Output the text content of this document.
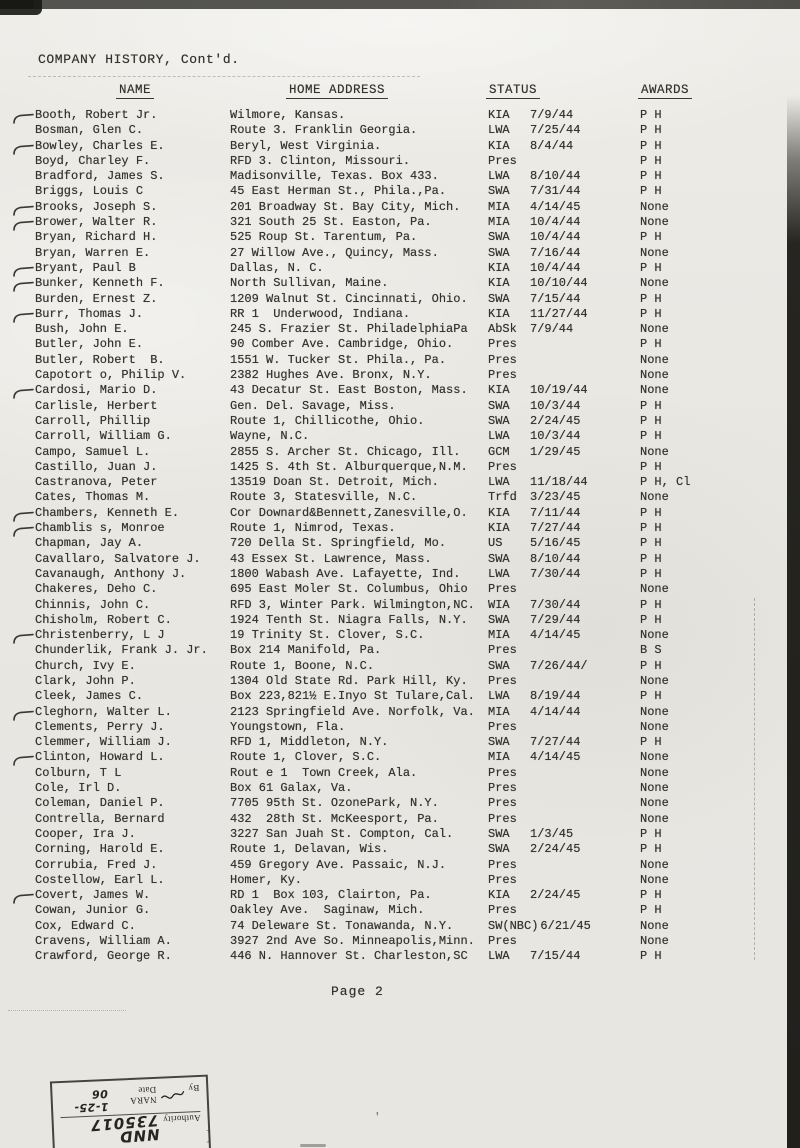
'
COMPANY HISTORY, Cont'd.
NAME	HOME ADDRESS	STATUS	AWARDS

Booth, Robert Jr.	Wilmore, Kansas.	KIA	7/9/44	P H
Bosman, Glen C.	Route 3. Franklin Georgia.	LWA	7/25/44	P H

Bowley, Charles E.	Beryl, West Virginia.	KIA	8/4/44	P H
Boyd, Charley F.	RFD 3. Clinton, Missouri.	Pres	P H
Bradford, James S.	Madisonville, Texas. Box 433.	LWA	8/10/44	P H
Briggs, Louis C	45 East Herman St., Phila.,Pa.	SWA	7/31/44	P H

Brooks, Joseph S.	201 Broadway St. Bay City, Mich.	MIA	4/14/45	None

Brower, Walter R.	321 South 25 St. Easton, Pa.	MIA	10/4/44	None
Bryan, Richard H.	525 Roup St. Tarentum, Pa.	SWA	10/4/44	P H
Bryan, Warren E.	27 Willow Ave., Quincy, Mass.	SWA	7/16/44	None

Bryant, Paul B	Dallas, N. C.	KIA	10/4/44	P H

Bunker, Kenneth F.	North Sullivan, Maine.	KIA	10/10/44	None
Burden, Ernest Z.	1209 Walnut St. Cincinnati, Ohio.	SWA	7/15/44	P H

Burr, Thomas J.	RR 1  Underwood, Indiana.	KIA	11/27/44	P H
Bush, John E.	245 S. Frazier St. PhiladelphiaPa	AbSk	7/9/44	None
Butler, John E.	90 Comber Ave. Cambridge, Ohio.	Pres	P H
Butler, Robert  B.	1551 W. Tucker St. Phila., Pa.	Pres	None
Capotort o, Philip V.	2382 Hughes Ave. Bronx, N.Y.	Pres	None

Cardosi, Mario D.	43 Decatur St. East Boston, Mass.	KIA	10/19/44	None
Carlisle, Herbert	Gen. Del. Savage, Miss.	SWA	10/3/44	P H
Carroll, Phillip	Route 1, Chillicothe, Ohio.	SWA	2/24/45	P H
Carroll, William G.	Wayne, N.C.	LWA	10/3/44	P H
Campo, Samuel L.	2855 S. Archer St. Chicago, Ill.	GCM	1/29/45	None
Castillo, Juan J.	1425 S. 4th St. Alburquerque,N.M.	Pres	P H
Castranova, Peter	13519 Doan St. Detroit, Mich.	LWA	11/18/44	P H, Cl
Cates, Thomas M.	Route 3, Statesville, N.C.	Trfd	3/23/45	None

Chambers, Kenneth E.	Cor Downard&Bennett,Zanesville,O.	KIA	7/11/44	P H

Chamblis s, Monroe	Route 1, Nimrod, Texas.	KIA	7/27/44	P H
Chapman, Jay A.	720 Della St. Springfield, Mo.	US	5/16/45	P H
Cavallaro, Salvatore J.	43 Essex St. Lawrence, Mass.	SWA	8/10/44	P H
Cavanaugh, Anthony J.	1800 Wabash Ave. Lafayette, Ind.	LWA	7/30/44	P H
Chakeres, Deho C.	695 East Moler St. Columbus, Ohio	Pres	None
Chinnis, John C.	RFD 3, Winter Park. Wilmington,NC.	WIA	7/30/44	P H
Chisholm, Robert C.	1924 Tenth St. Niagra Falls, N.Y.	SWA	7/29/44	P H

Christenberry, L J	19 Trinity St. Clover, S.C.	MIA	4/14/45	None
Chunderlik, Frank J. Jr.	Box 214 Manifold, Pa.	Pres	B S
Church, Ivy E.	Route 1, Boone, N.C.	SWA	7/26/44/	P H
Clark, John P.	1304 Old State Rd. Park Hill, Ky.	Pres	None
Cleek, James C.	Box 223,821½ E.Inyo St Tulare,Cal.	LWA	8/19/44	P H

Cleghorn, Walter L.	2123 Springfield Ave. Norfolk, Va.	MIA	4/14/44	None
Clements, Perry J.	Youngstown, Fla.	Pres	None
Clemmer, William J.	RFD 1, Middleton, N.Y.	SWA	7/27/44	P H

Clinton, Howard L.	Route 1, Clover, S.C.	MIA	4/14/45	None
Colburn, T L	Rout e 1  Town Creek, Ala.	Pres	None
Cole, Irl D.	Box 61 Galax, Va.	Pres	None
Coleman, Daniel P.	7705 95th St. OzonePark, N.Y.	Pres	None
Contrella, Bernard	432  28th St. McKeesport, Pa.	Pres	None
Cooper, Ira J.	3227 San Juah St. Compton, Cal.	SWA	1/3/45	P H
Corning, Harold E.	Route 1, Delavan, Wis.	SWA	2/24/45	P H
Corrubia, Fred J.	459 Gregory Ave. Passaic, N.J.	Pres	None
Costellow, Earl L.	Homer, Ky.	Pres	None

Covert, James W.	RD 1  Box 103, Clairton, Pa.	KIA	2/24/45	P H
Cowan, Junior G.	Oakley Ave.  Saginaw, Mich.	Pres	P H
Cox, Edward C.	74 Deleware St. Tonawanda, N.Y.	SW(NBC) 6/21/45	None
Cravens, William A.	3927 2nd Ave So. Minneapolis,Minn.	Pres	None
Crawford, George R.	446 N. Hannover St. Charleston,SC	LWA	7/15/44	P H
Page 2
Authority
NND 735017
By
NARA Date
1-25-06
]
